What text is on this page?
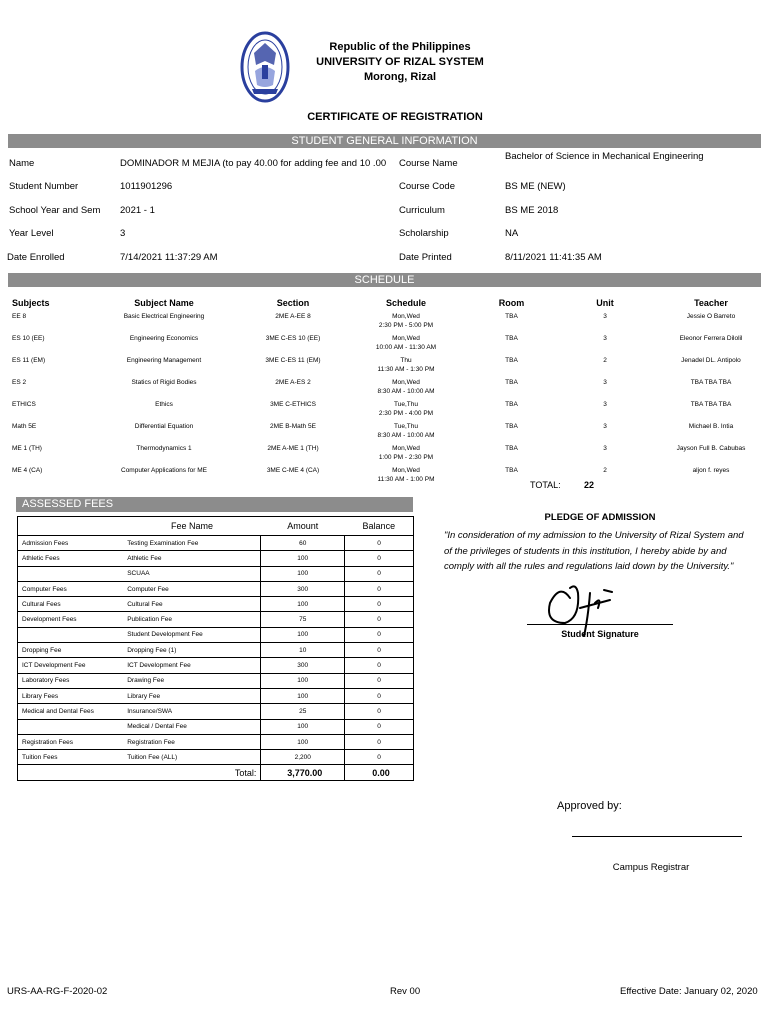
Republic of the Philippines
UNIVERSITY OF RIZAL SYSTEM
Morong, Rizal
CERTIFICATE OF REGISTRATION
STUDENT GENERAL INFORMATION
Name	DOMINADOR M MEJIA (to pay 40.00 for adding fee and 10 .00
Student Number	1011901296
School Year and Sem 2021 - 1
Year Level	3
Date Enrolled	7/14/2021 11:37:29 AM
Course Name
Bachelor of Science in Mechanical Engineering
Course Code	BS ME (NEW)
Curriculum	BS ME 2018
Scholarship	NA
Date Printed	8/11/2021 11:41:35 AM
SCHEDULE
Subjects	Subject Name	Section	Schedule	Room	Unit	Teacher
EE 8	Basic Electrical Engineering	2ME A-EE 8	Mon,Wed
2:30 PM - 5:00 PM	TBA	3	Jessie O Barreto
ES 10 (EE)	Engineering Economics	3ME C-ES 10 (EE)	Mon,Wed
10:00 AM - 11:30 AM	TBA	3	Eleonor Ferrera Dilolil
ES 11 (EM)	Engineering Management	3ME C-ES 11 (EM)	Thu
11:30 AM - 1:30 PM	TBA	2	Jenadel DL. Antipolo
ES 2	Statics of Rigid Bodies	2ME A-ES 2	Mon,Wed
8:30 AM - 10:00 AM	TBA	3	TBA TBA TBA
ETHICS	Ethics	3ME C-ETHICS	Tue,Thu
2:30 PM - 4:00 PM	TBA	3	TBA TBA TBA
Math 5E	Differential Equation	2ME B-Math 5E	Tue,Thu
8:30 AM - 10:00 AM	TBA	3	Michael B. Intia
ME 1 (TH)	Thermodynamics 1	2ME A-ME 1 (TH)	Mon,Wed
1:00 PM - 2:30 PM	TBA	3	Jayson Full B. Cabubas
ME 4 (CA)	Computer Applications for ME	3ME C-ME 4 (CA)	Mon,Wed
11:30 AM - 1:00 PM	TBA	2	aljon f. reyes
TOTAL:	22
ASSESSED FEES
	Fee Name	Amount	Balance
Admission Fees	Testing Examination Fee	60	0
Athletic Fees	Athletic Fee	100	0
	SCUAA	100	0
Computer Fees	Computer Fee	300	0
Cultural Fees	Cultural Fee	100	0
Development Fees	Publication Fee	75	0
	Student Development Fee	100	0
Dropping Fee	Dropping Fee (1)	10	0
ICT Development Fee	ICT Development Fee	300	0
Laboratory Fees	Drawing Fee	100	0
Library Fees	Library Fee	100	0
Medical and Dental Fees	Insurance/SWA	25	0
	Medical / Dental Fee	100	0
Registration Fees	Registration Fee	100	0
Tuition Fees	Tuition Fee (ALL)	2,200	0
	Total:	3,770.00	0.00
PLEDGE OF ADMISSION
"In consideration of my admission to the University of Rizal System and of the privileges of students in this institution, I hereby abide by and comply with all the rules and regulations laid down by the University."
Student Signature
Approved by:
Campus Registrar
URS-AA-RG-F-2020-02	Rev 00	Effective Date: January 02, 2020
